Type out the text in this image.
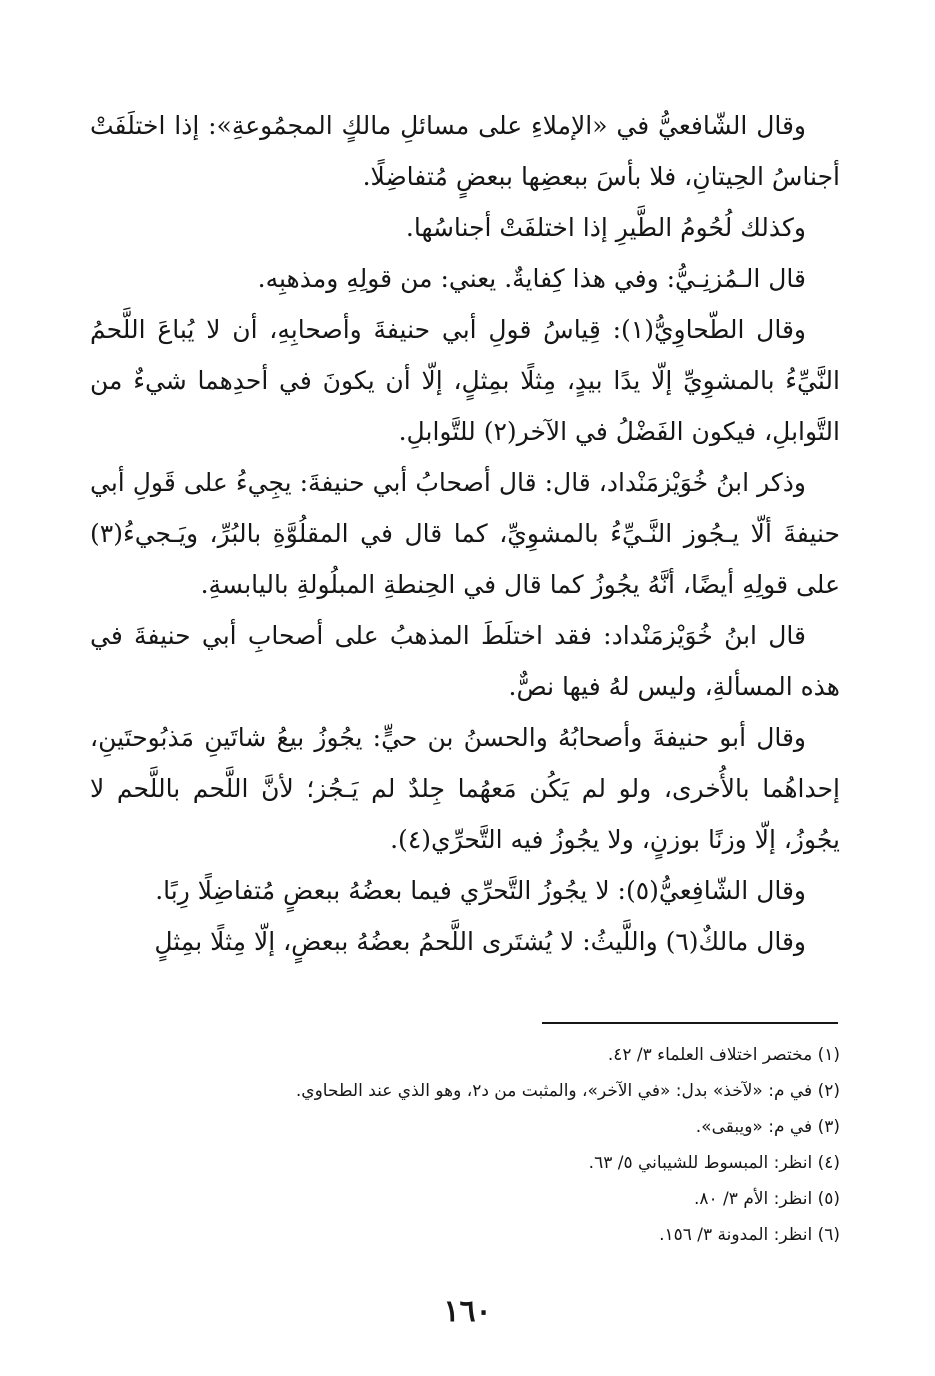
وقال الشّافعيُّ في «الإملاءِ على مسائلِ مالكٍ المجمُوعةِ»: إذا اختلَفَتْ أجناسُ الحِيتانِ، فلا بأسَ ببعضِها ببعضٍ مُتفاضِلًا.

وكذلك لُحُومُ الطَّيرِ إذا اختلفَتْ أجناسُها.

قال الـمُزنِـيُّ: وفي هذا كِفايةٌ. يعني: من قولِهِ ومذهبِه.

وقال الطّحاوِيُّ(١): قِياسُ قولِ أبي حنيفةَ وأصحابِهِ، أن لا يُباعَ اللَّحمُ النَّيِّءُ بالمشوِيِّ إلّا يدًا بيدٍ، مِثلًا بمِثلٍ، إلّا أن يكونَ في أحدِهما شيءٌ من التَّوابلِ، فيكون الفَضْلُ في الآخر(٢) للتَّوابلِ.

وذكر ابنُ خُوَيْزمَنْداد، قال: قال أصحابُ أبي حنيفةَ: يجِيءُ على قَولِ أبي حنيفةَ ألّا يـجُوز النَّـيِّءُ بالمشوِيِّ، كما قال في المقلُوَّةِ بالبُرِّ، ويَـجيءُ(٣) على قولِهِ أيضًا، أنَّهُ يجُوزُ كما قال في الحِنطةِ المبلُولةِ باليابسةِ.

قال ابنُ خُوَيْزمَنْداد: فقد اختلَطَ المذهبُ على أصحابِ أبي حنيفةَ في هذه المسألةِ، وليس لهُ فيها نصٌّ.

وقال أبو حنيفةَ وأصحابُهُ والحسنُ بن حيٍّ: يجُوزُ بيعُ شاتَينِ مَذبُوحتَينِ، إحداهُما بالأُخرى، ولو لم يَكُن مَعهُما جِلدٌ لم يَـجُز؛ لأنَّ اللَّحم باللَّحم لا يجُوزُ، إلّا وزنًا بوزنٍ، ولا يجُوزُ فيه التَّحرِّي(٤).

وقال الشّافِعيُّ(٥): لا يجُوزُ التَّحرِّي فيما بعضُهُ ببعضٍ مُتفاضِلًا رِبًا.

وقال مالكٌ(٦) واللَّيثُ: لا يُشتَرى اللَّحمُ بعضُهُ ببعضٍ، إلّا مِثلًا بمِثلٍ

(١) مختصر اختلاف العلماء ٣/ ٤٢.

(٢) في م: «لآخذ» بدل: «في الآخر»، والمثبت من د٢، وهو الذي عند الطحاوي.

(٣) في م: «ويبقى».

(٤) انظر: المبسوط للشيباني ٥/ ٦٣.

(٥) انظر: الأم ٣/ ٨٠.

(٦) انظر: المدونة ٣/ ١٥٦.

١٦٠
